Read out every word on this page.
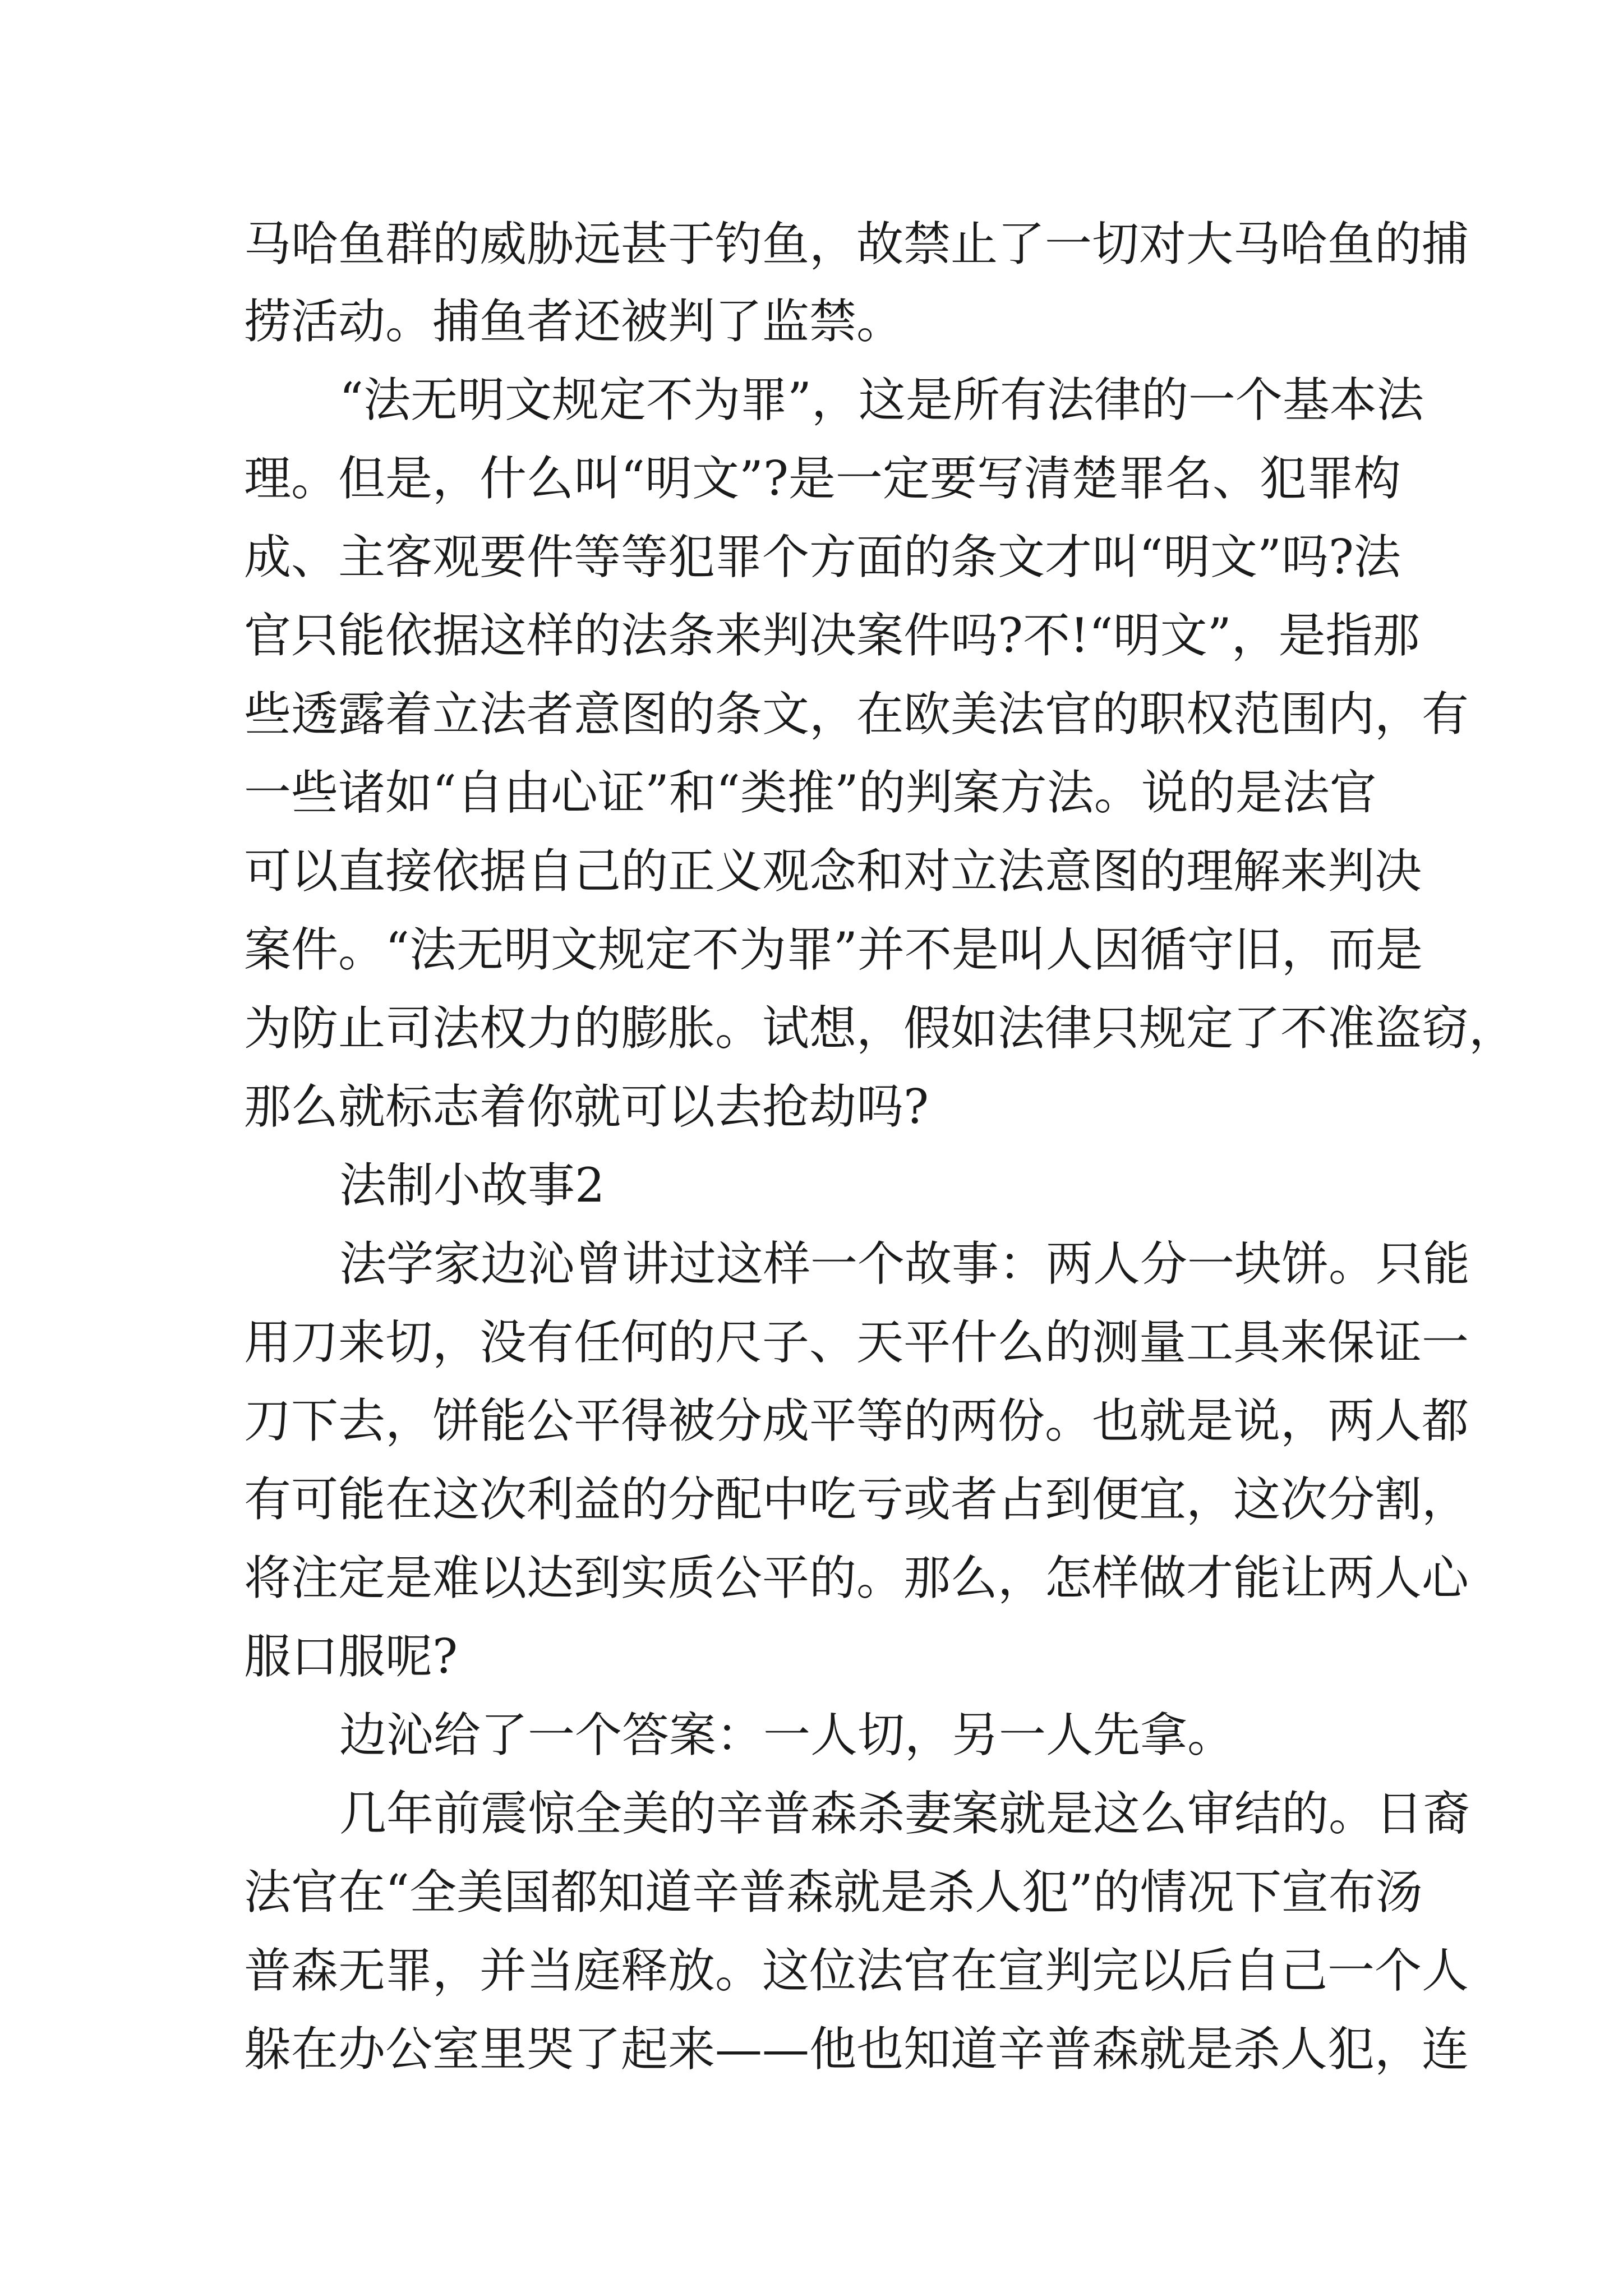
马哈鱼群的威胁远甚于钓鱼，故禁止了一切对大马哈鱼的捕

捞活动。捕鱼者还被判了监禁。

“法无明文规定不为罪”，这是所有法律的一个基本法

理。但是，什么叫“明文”?是一定要写清楚罪名、犯罪构

成、主客观要件等等犯罪个方面的条文才叫“明文”吗?法

官只能依据这样的法条来判决案件吗?不!“明文”，是指那

些透露着立法者意图的条文，在欧美法官的职权范围内，有

一些诸如“自由心证”和“类推”的判案方法。说的是法官

可以直接依据自己的正义观念和对立法意图的理解来判决

案件。“法无明文规定不为罪”并不是叫人因循守旧，而是

为防止司法权力的膨胀。试想，假如法律只规定了不准盗窃，

那么就标志着你就可以去抢劫吗?

法制小故事2

法学家边沁曾讲过这样一个故事：两人分一块饼。只能

用刀来切，没有任何的尺子、天平什么的测量工具来保证一

刀下去，饼能公平得被分成平等的两份。也就是说，两人都

有可能在这次利益的分配中吃亏或者占到便宜，这次分割，

将注定是难以达到实质公平的。那么，怎样做才能让两人心

服口服呢?

边沁给了一个答案：一人切，另一人先拿。

几年前震惊全美的辛普森杀妻案就是这么审结的。日裔

法官在“全美国都知道辛普森就是杀人犯”的情况下宣布汤

普森无罪，并当庭释放。这位法官在宣判完以后自己一个人

躲在办公室里哭了起来——他也知道辛普森就是杀人犯，连
